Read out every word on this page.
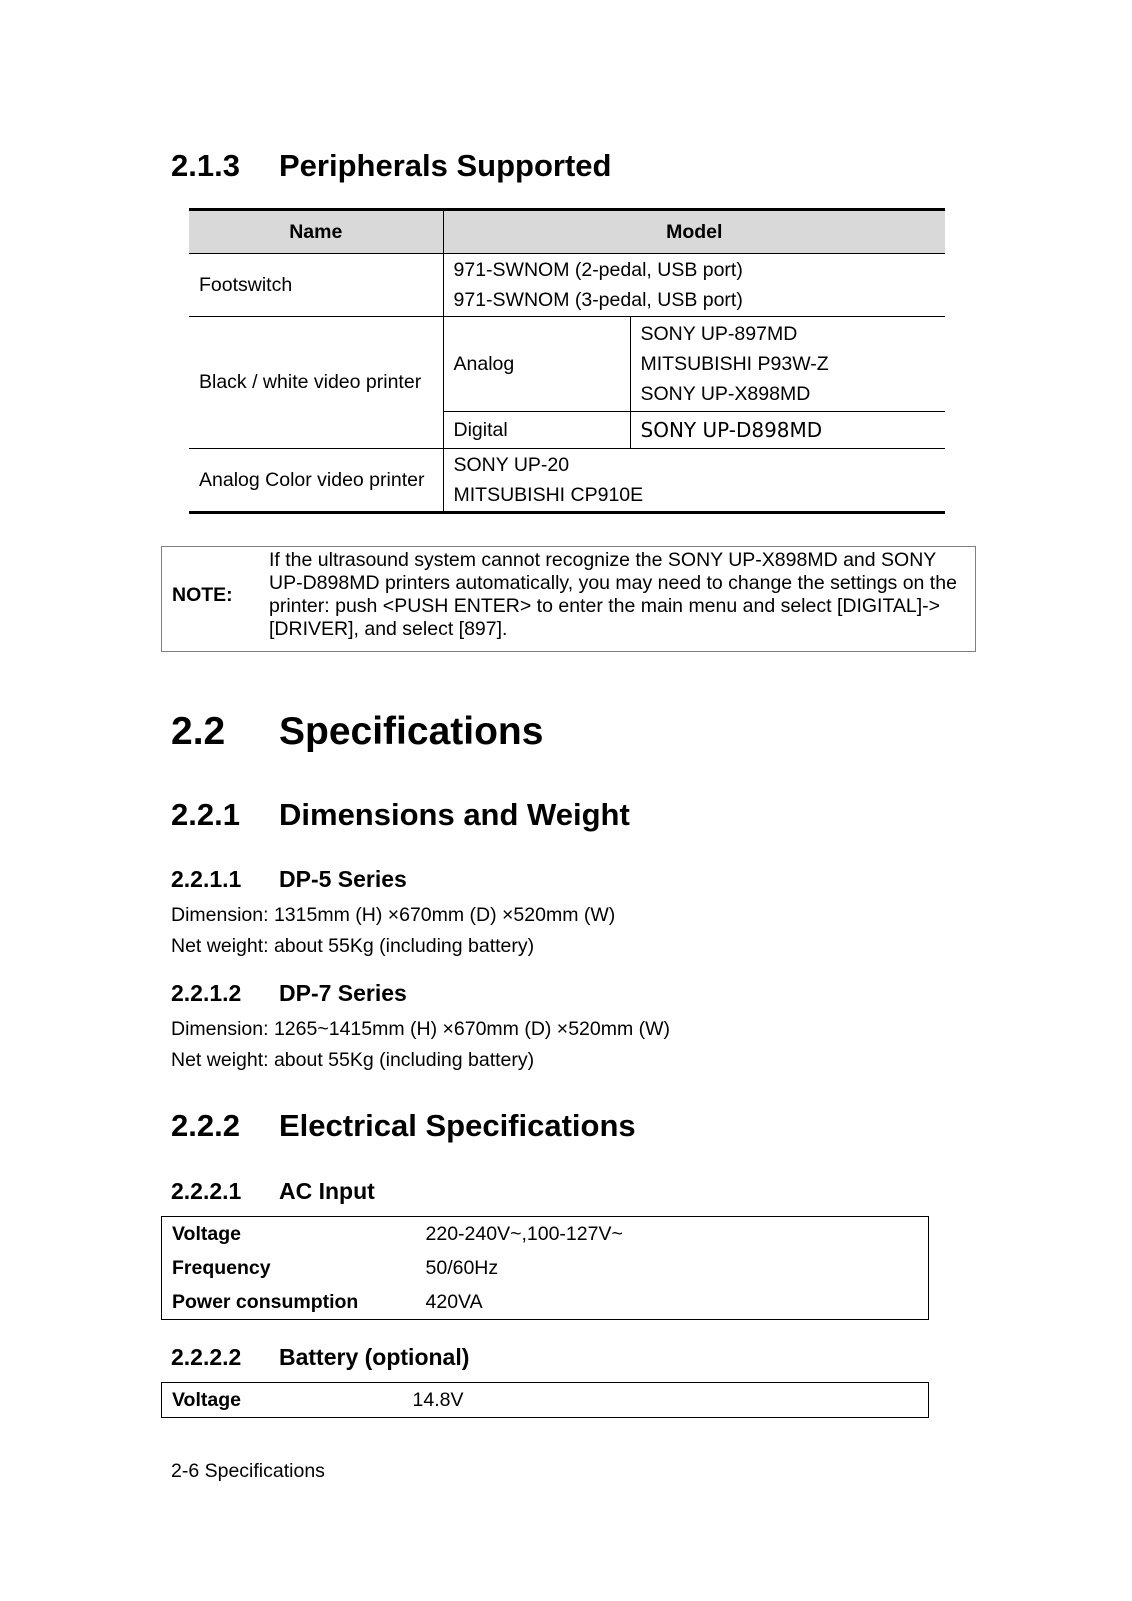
2.1.3 Peripherals Supported
Name	Model	
Footswitch	971-SWNOM (2-pedal, USB port)
971-SWNOM (3-pedal, USB port)	

Black / white video printer	Analog	SONY UP-897MD
MITSUBISHI P93W-Z
SONY UP-X898MD

	Digital	SONY UP-D898MD
Analog Color video printer	SONY UP-20
MITSUBISHI CP910E	
NOTE:
If the ultrasound system cannot recognize the SONY UP-X898MD and SONY UP-D898MD printers automatically, you may need to change the settings on the printer: push <PUSH ENTER> to enter the main menu and select [DIGITAL]->[DRIVER], and select [897].
2.2 Specifications
2.2.1 Dimensions and Weight
2.2.1.1 DP-5 Series
Dimension: 1315mm (H) ×670mm (D) ×520mm (W)
Net weight: about 55Kg (including battery)
2.2.1.2 DP-7 Series
Dimension: 1265~1415mm (H) ×670mm (D) ×520mm (W)
Net weight: about 55Kg (including battery)
2.2.2 Electrical Specifications
2.2.2.1 AC Input
Voltage	220-240V~,100-127V~
Frequency	50/60Hz
Power consumption	420VA
2.2.2.2 Battery (optional)
Voltage	14.8V
2-6 Specifications
